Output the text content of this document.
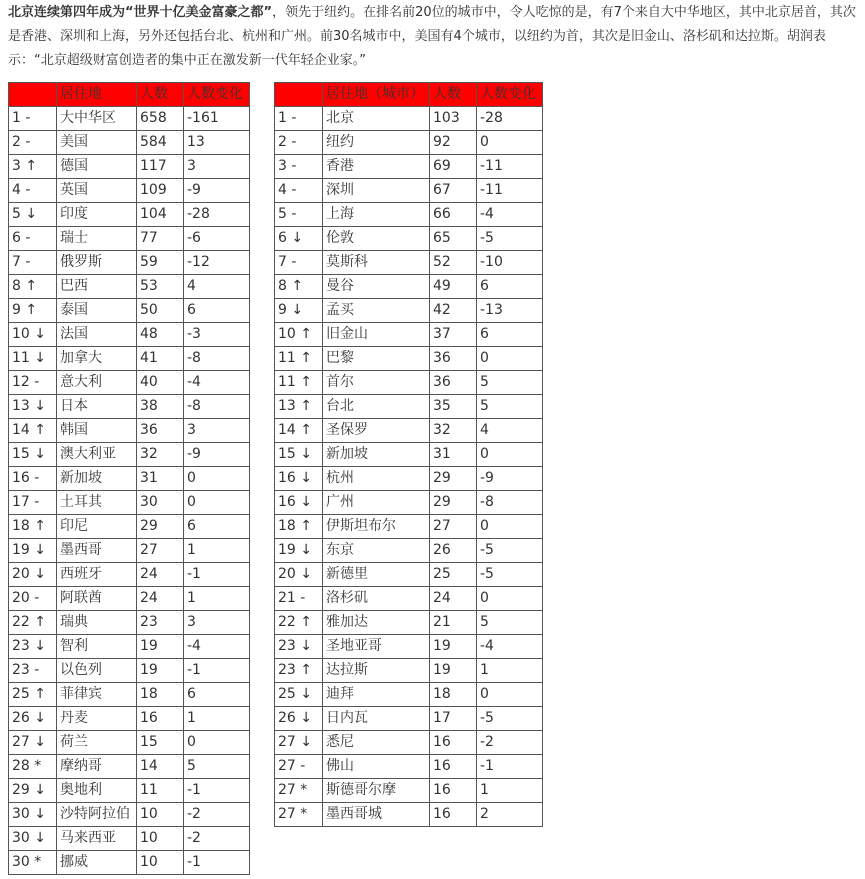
北京连续第四年成为“世界十亿美金富豪之都”，领先于纽约。在排名前20位的城市中，令人吃惊的是，有7个来自大中华地区，其中北京居首，其次是香港、深圳和上海，另外还包括台北、杭州和广州。前30名城市中，美国有4个城市，以纽约为首，其次是旧金山、洛杉矶和达拉斯。胡润表示：“北京超级财富创造者的集中正在激发新一代年轻企业家。”
	居住地	人数	人数变化
1 -	大中华区	658	-161
2 -	美国	584	13
3 ↑	德国	117	3
4 -	英国	109	-9
5 ↓	印度	104	-28
6 -	瑞士	77	-6
7 -	俄罗斯	59	-12
8 ↑	巴西	53	4
9 ↑	泰国	50	6
10 ↓	法国	48	-3
11 ↓	加拿大	41	-8
12 -	意大利	40	-4
13 ↓	日本	38	-8
14 ↑	韩国	36	3
15 ↓	澳大利亚	32	-9
16 -	新加坡	31	0
17 -	土耳其	30	0
18 ↑	印尼	29	6
19 ↓	墨西哥	27	1
20 ↓	西班牙	24	-1
20 -	阿联酋	24	1
22 ↑	瑞典	23	3
23 ↓	智利	19	-4
23 -	以色列	19	-1
25 ↑	菲律宾	18	6
26 ↓	丹麦	16	1
27 ↓	荷兰	15	0
28 *	摩纳哥	14	5
29 ↓	奥地利	11	-1
30 ↓	沙特阿拉伯	10	-2
30 ↓	马来西亚	10	-2
30 *	挪威	10	-1
	居住地（城市）	人数	人数变化
1 -	北京	103	-28
2 -	纽约	92	0
3 -	香港	69	-11
4 -	深圳	67	-11
5 -	上海	66	-4
6 ↓	伦敦	65	-5
7 -	莫斯科	52	-10
8 ↑	曼谷	49	6
9 ↓	孟买	42	-13
10 ↑	旧金山	37	6
11 ↑	巴黎	36	0
11 ↑	首尔	36	5
13 ↑	台北	35	5
14 ↑	圣保罗	32	4
15 ↓	新加坡	31	0
16 ↓	杭州	29	-9
16 ↓	广州	29	-8
18 ↑	伊斯坦布尔	27	0
19 ↓	东京	26	-5
20 ↓	新德里	25	-5
21 -	洛杉矶	24	0
22 ↑	雅加达	21	5
23 ↓	圣地亚哥	19	-4
23 ↑	达拉斯	19	1
25 ↓	迪拜	18	0
26 ↓	日内瓦	17	-5
27 ↓	悉尼	16	-2
27 -	佛山	16	-1
27 *	斯德哥尔摩	16	1
27 *	墨西哥城	16	2
